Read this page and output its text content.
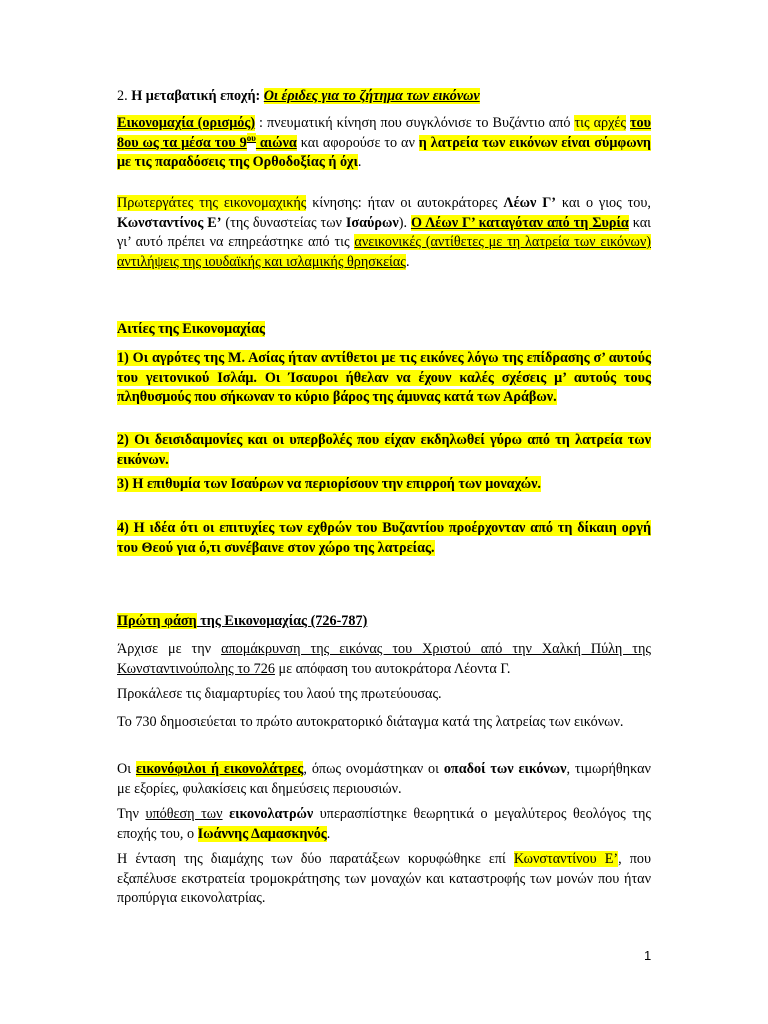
2. Η μεταβατική εποχή: Οι έριδες για το ζήτημα των εικόνων
Εικονομαχία (ορισμός) : πνευματική κίνηση που συγκλόνισε το Βυζάντιο από τις αρχές του 8ου ως τα μέσα του $9^{o\upsilon}$ αιώνα και αφορούσε το αν η λατρεία των εικόνων είναι σύμφωνη με τις παραδόσεις της Ορθοδοξίας ή όχι.
Πρωτεργάτες της εικονομαχικής κίνησης: ήταν οι αυτοκράτορες Λέων Γ’ και ο γιος του, Κωνσταντίνος Ε’ (της δυναστείας των Ισαύρων). Ο Λέων Γ’ καταγόταν από τη Συρία και γι’ αυτό πρέπει να επηρεάστηκε από τις ανεικονικές (αντίθετες με τη λατρεία των εικόνων) αντιλήψεις της ιουδαϊκής και ισλαμικής θρησκείας.
Αιτίες της Εικονομαχίας
1) Οι αγρότες της Μ. Ασίας ήταν αντίθετοι με τις εικόνες λόγω της επίδρασης σ’ αυτούς του γειτονικού Ισλάμ. Οι Ίσαυροι ήθελαν να έχουν καλές σχέσεις μ’ αυτούς τους πληθυσμούς που σήκωναν το κύριο βάρος της άμυνας κατά των Αράβων.
2) Οι δεισιδαιμονίες και οι υπερβολές που είχαν εκδηλωθεί γύρω από τη λατρεία των εικόνων.
3) Η επιθυμία των Ισαύρων να περιορίσουν την επιρροή των μοναχών.
4) Η ιδέα ότι οι επιτυχίες των εχθρών του Βυζαντίου προέρχονταν από τη δίκαιη οργή του Θεού για ό,τι συνέβαινε στον χώρο της λατρείας.
Πρώτη φάση της Εικονομαχίας (726-787)
Άρχισε με την απομάκρυνση της εικόνας του Χριστού από την Χαλκή Πύλη της Κωνσταντινούπολης το 726 με απόφαση του αυτοκράτορα Λέοντα Γ.
Προκάλεσε τις διαμαρτυρίες του λαού της πρωτεύουσας.
Το 730 δημοσιεύεται το πρώτο αυτοκρατορικό διάταγμα κατά της λατρείας των εικόνων.
Οι εικονόφιλοι ή εικονολάτρες, όπως ονομάστηκαν οι οπαδοί των εικόνων, τιμωρήθηκαν με εξορίες, φυλακίσεις και δημεύσεις περιουσιών.
Την υπόθεση των εικονολατρών υπερασπίστηκε θεωρητικά ο μεγαλύτερος θεολόγος της εποχής του, ο Ιωάννης Δαμασκηνός.
Η ένταση της διαμάχης των δύο παρατάξεων κορυφώθηκε επί Κωνσταντίνου Ε’, που εξαπέλυσε εκστρατεία τρομοκράτησης των μοναχών και καταστροφής των μονών που ήταν προπύργια εικονολατρίας.
1
